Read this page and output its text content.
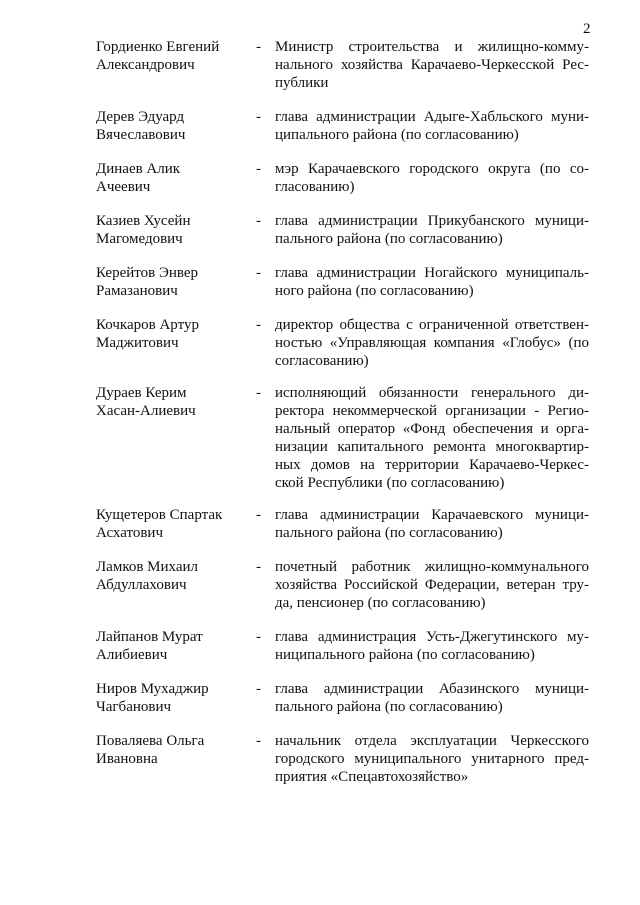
2
Гордиенко Евгений
Александрович
- Министр строительства и жилищно-комму-
нального хозяйства Карачаево-Черкесской Рес-
публики
Дерев Эдуард
Вячеславович
- глава администрации Адыге-Хабльского муни-
ципального района (по согласованию)
Динаев Алик
Ачеевич
- мэр Карачаевского городского округа (по со-
гласованию)
Казиев Хусейн
Магомедович
- глава администрации Прикубанского муници-
пального района (по согласованию)
Керейтов Энвер
Рамазанович
- глава администрации Ногайского муниципаль-
ного района (по согласованию)
Кочкаров Артур
Маджитович
- директор общества с ограниченной ответствен-
ностью «Управляющая компания «Глобус» (по
согласованию)
Дураев Керим
Хасан-Алиевич
- исполняющий обязанности генерального ди-
ректора некоммерческой организации - Регио-
нальный оператор «Фонд обеспечения и орга-
низации капитального ремонта многоквартир-
ных домов на территории Карачаево-Черкес-
ской Республики (по согласованию)
Кущетеров Спартак
Асхатович
- глава администрации Карачаевского муници-
пального района (по согласованию)
Ламков Михаил
Абдуллахович
- почетный работник жилищно-коммунального
хозяйства Российской Федерации, ветеран тру-
да, пенсионер (по согласованию)
Лайпанов Мурат
Алибиевич
- глава администрация Усть-Джегутинского му-
ниципального района (по согласованию)
Ниров Мухаджир
Чагбанович
- глава администрации Абазинского муници-
пального района (по согласованию)
Поваляева Ольга
Ивановна
- начальник отдела эксплуатации Черкесского
городского муниципального унитарного пред-
приятия «Спецавтохозяйство»
